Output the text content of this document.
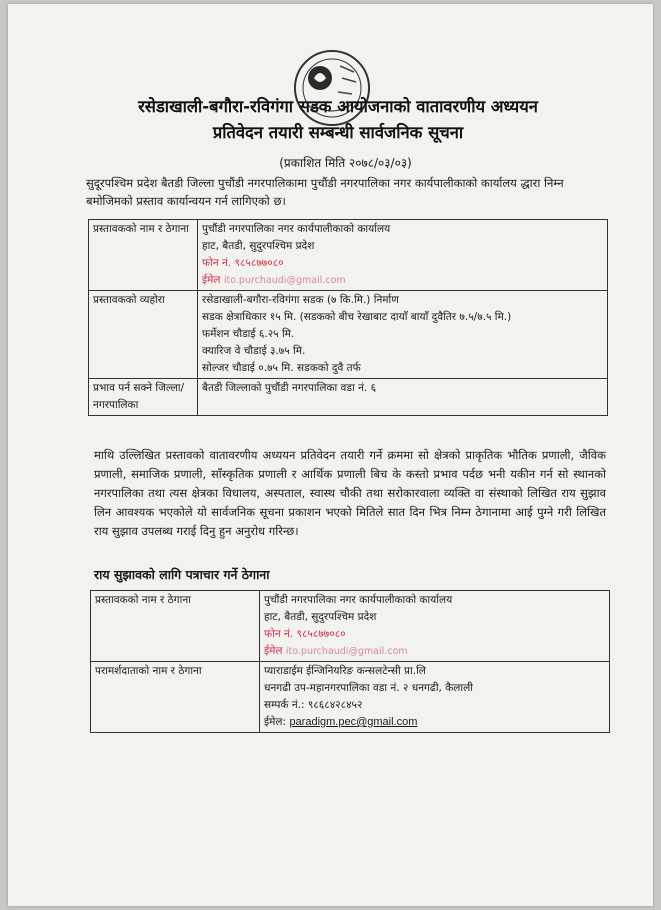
रसेडाखाली-बगौरा-रविगंगा सडक आयोजनाको वातावरणीय अध्ययन
प्रतिवेदन तयारी सम्बन्धी सार्वजनिक सूचना
(प्रकाशित मिति २०७८/०३/०३)
सुदूरपश्चिम प्रदेश बैतडी जिल्ला पुचौंडी नगरपालिकामा पुचौंडी नगरपालिका नगर कार्यपालीकाको कार्यालय द्धारा निम्न बमोजिमको प्रस्ताव कार्यान्वयन गर्न लागिएको छ।
प्रस्तावकको नाम र ठेगाना	पुचौंडी नगरपालिका नगर कार्यपालीकाको कार्यालय
हाट, बैतडी, सुदुरपश्चिम प्रदेश
फोन नं. ९८५८७७०८०
ईमेल ito.purchaudi@gmail.com

प्रस्तावकको व्यहोरा	रसेडाखाली-बगौरा-रविगंगा सडक (७ कि.मि.) निर्माण
सडक क्षेत्राधिकार १५ मि. (सडकको बीच रेखाबाट दायाँ बायाँ दुवैतिर ७.५/७.५ मि.)
फर्मेशन चौडाई ६.२५ मि.
क्यारिज वे चौडाई ३.७५ मि.
सोल्जर चौडाई ०.७५ मि. सडकको दुवै तर्फ

प्रभाव पर्न सक्ने जिल्ला/नगरपालिका	बैतडी जिल्लाको पुचौंडी नगरपालिका वडा नं. ६
माथि उल्लिखित प्रस्तावको वातावरणीय अध्ययन प्रतिवेदन तयारी गर्ने क्रममा सो क्षेत्रको प्राकृतिक भौतिक प्रणाली, जैविक प्रणाली, समाजिक प्रणाली, साँस्कृतिक प्रणाली र आर्थिक प्रणाली बिच के कस्तो प्रभाव पर्दछ भनी यकीन गर्न सो स्थानको नगरपालिका तथा त्यस क्षेत्रका विधालय, अस्पताल, स्वास्थ चौकी तथा सरोकारवाला व्यक्ति वा संस्थाको लिखित राय सुझाव लिन आवश्यक भएकोले यो सार्वजनिक सूचना प्रकाशन भएको मितिले सात दिन भित्र निम्न ठेगानामा आई पुग्ने गरी लिखित राय सुझाव उपलब्ध गराई दिनु हुन अनुरोध गरिन्छ।
राय सुझावको लागि पत्राचार गर्ने ठेगाना
प्रस्तावकको नाम र ठेगाना	पुचौंडी नगरपालिका नगर कार्यपालीकाको कार्यालय
हाट, बैतडी, सुदुरपश्चिम प्रदेश
फोन नं. ९८५८७७०८०
ईमेल ito.purchaudi@gmail.com

परामर्शदाताको नाम र ठेगाना	प्याराडाईम ईन्जिनियरिङ कन्सलटेन्सी प्रा.लि
धनगढी उप-महानगरपालिका वडा नं. २ धनगढी, कैलाली
सम्पर्क नं.: ९८६८४२८४५२
ईमेल: paradigm.pec@gmail.com
